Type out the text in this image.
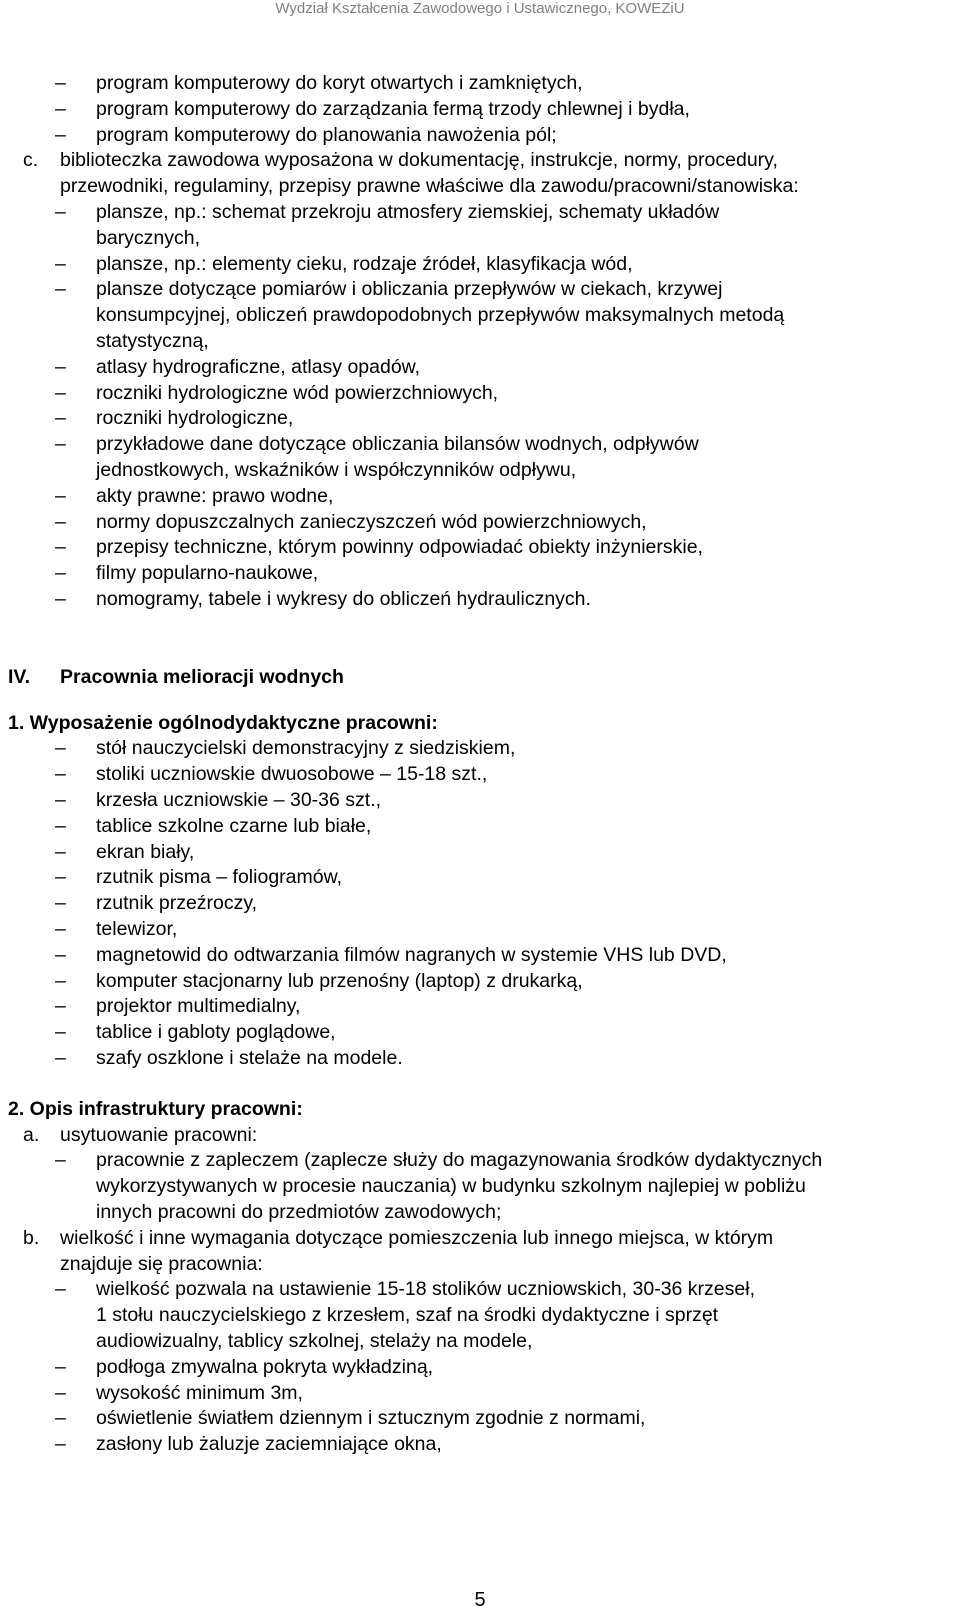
Wydział Kształcenia Zawodowego i Ustawicznego, KOWEZiU
– program komputerowy do koryt otwartych i zamkniętych,
– program komputerowy do zarządzania fermą trzody chlewnej i bydła,
– program komputerowy do planowania nawożenia pól;
c. biblioteczka zawodowa wyposażona w dokumentację, instrukcje, normy, procedury,
przewodniki, regulaminy, przepisy prawne właściwe dla zawodu/pracowni/stanowiska:
– plansze, np.: schemat przekroju atmosfery ziemskiej, schematy układów
barycznych,
– plansze, np.: elementy cieku, rodzaje źródeł, klasyfikacja wód,
– plansze dotyczące pomiarów i obliczania przepływów w ciekach, krzywej
konsumpcyjnej, obliczeń prawdopodobnych przepływów maksymalnych metodą
statystyczną,
– atlasy hydrograficzne, atlasy opadów,
– roczniki hydrologiczne wód powierzchniowych,
– roczniki hydrologiczne,
– przykładowe dane dotyczące obliczania bilansów wodnych, odpływów
jednostkowych, wskaźników i współczynników odpływu,
– akty prawne: prawo wodne,
– normy dopuszczalnych zanieczyszczeń wód powierzchniowych,
– przepisy techniczne, którym powinny odpowiadać obiekty inżynierskie,
– filmy popularno-naukowe,
– nomogramy, tabele i wykresy do obliczeń hydraulicznych.
IV. Pracownia melioracji wodnych
1. Wyposażenie ogólnodydaktyczne pracowni:
– stół nauczycielski demonstracyjny z siedziskiem,
– stoliki uczniowskie dwuosobowe – 15-18 szt.,
– krzesła uczniowskie – 30-36 szt.,
– tablice szkolne czarne lub białe,
– ekran biały,
– rzutnik pisma – foliogramów,
– rzutnik przeźroczy,
– telewizor,
– magnetowid do odtwarzania filmów nagranych w systemie VHS lub DVD,
– komputer stacjonarny lub przenośny (laptop) z drukarką,
– projektor multimedialny,
– tablice i gabloty poglądowe,
– szafy oszklone i stelaże na modele.
2. Opis infrastruktury pracowni:
a. usytuowanie pracowni:
– pracownie z zapleczem (zaplecze służy do magazynowania środków dydaktycznych
wykorzystywanych w procesie nauczania) w budynku szkolnym najlepiej w pobliżu
innych pracowni do przedmiotów zawodowych;
b. wielkość i inne wymagania dotyczące pomieszczenia lub innego miejsca, w którym
znajduje się pracownia:
– wielkość pozwala na ustawienie 15-18 stolików uczniowskich, 30-36 krzeseł,
1 stołu nauczycielskiego z krzesłem, szaf na środki dydaktyczne i sprzęt
audiowizualny, tablicy szkolnej, stelaży na modele,
– podłoga zmywalna pokryta wykładziną,
– wysokość minimum 3m,
– oświetlenie światłem dziennym i sztucznym zgodnie z normami,
– zasłony lub żaluzje zaciemniające okna,
5
